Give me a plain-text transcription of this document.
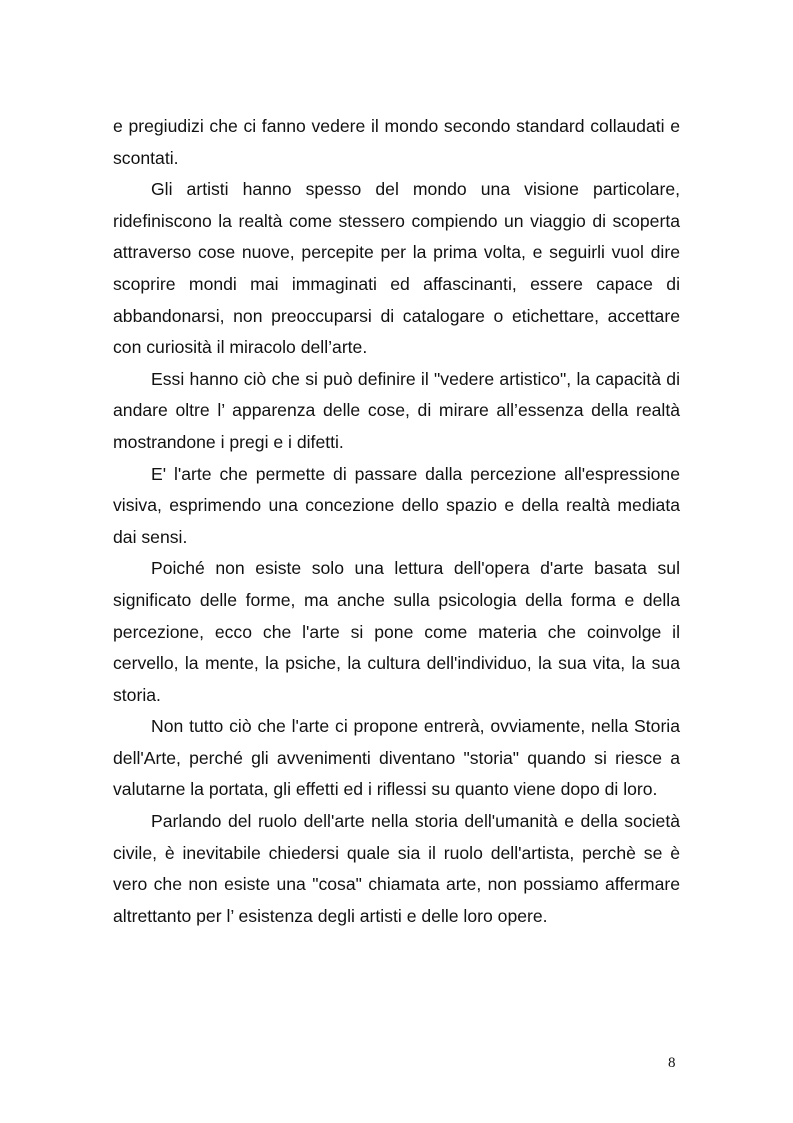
e pregiudizi che ci fanno vedere il mondo secondo standard collaudati e scontati.

Gli artisti hanno spesso del mondo una visione particolare, ridefiniscono la realtà come stessero compiendo un viaggio di scoperta attraverso cose nuove, percepite per la prima volta, e seguirli vuol dire scoprire mondi mai immaginati ed affascinanti, essere capace di abbandonarsi, non preoccuparsi di catalogare o etichettare, accettare con curiosità il miracolo dell’arte.

Essi hanno ciò che si può definire il "vedere artistico", la capacità di andare oltre l’ apparenza delle cose, di mirare all’essenza della realtà mostrandone i pregi e i difetti.

E' l'arte che permette di passare dalla percezione all'espressione visiva, esprimendo una concezione dello spazio e della realtà mediata dai sensi.

Poiché non esiste solo una lettura dell'opera d'arte basata sul significato delle forme, ma anche sulla psicologia della forma e della percezione, ecco che l'arte si pone come materia che coinvolge il cervello, la mente, la psiche, la cultura dell'individuo, la sua vita, la sua storia.

Non tutto ciò che l'arte ci propone entrerà, ovviamente, nella Storia dell'Arte, perché gli avvenimenti diventano "storia" quando si riesce a valutarne la portata, gli effetti ed i riflessi su quanto viene dopo di loro.

Parlando del ruolo dell'arte nella storia dell'umanità e della società civile, è inevitabile chiedersi quale sia il ruolo dell'artista, perchè se è vero che non esiste una "cosa" chiamata arte, non possiamo affermare altrettanto per l’ esistenza degli artisti e delle loro opere.

8
